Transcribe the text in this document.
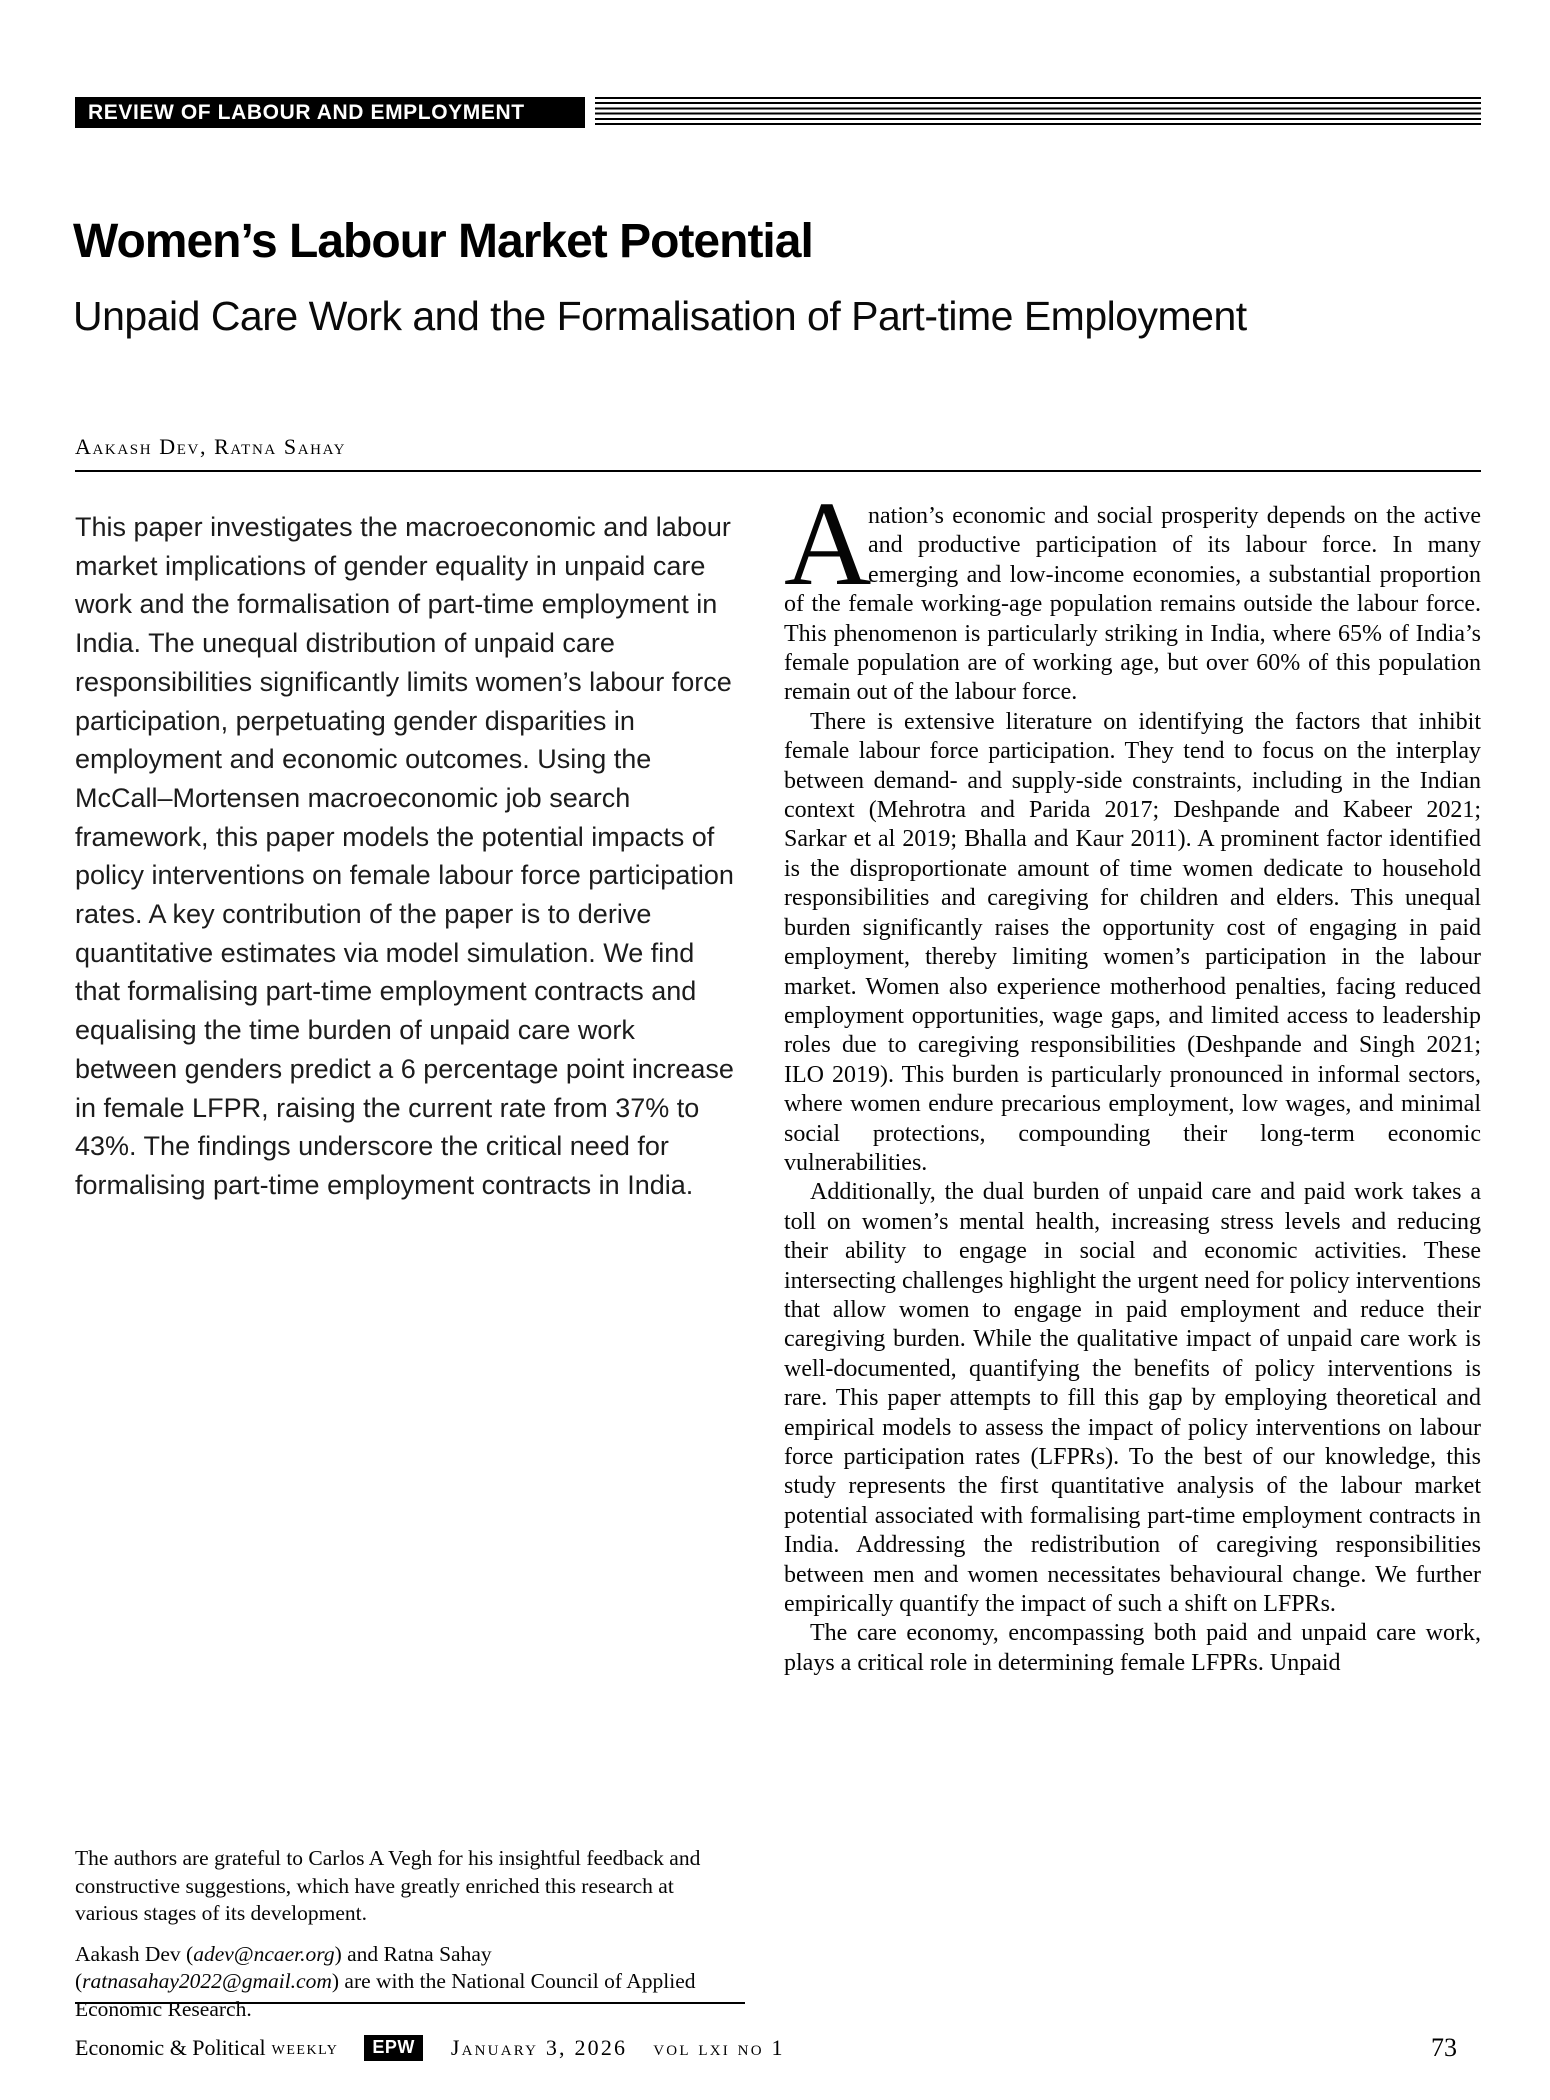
REVIEW OF LABOUR AND EMPLOYMENT
Women’s Labour Market Potential
Unpaid Care Work and the Formalisation of Part-time Employment
Aakash Dev, Ratna Sahay

This paper investigates the macroeconomic and labour market implications of gender equality in unpaid care work and the formalisation of part-time employment in India. The unequal distribution of unpaid care responsibilities significantly limits women’s labour force participation, perpetuating gender disparities in employment and economic outcomes. Using the McCall–Mortensen macroeconomic job search framework, this paper models the potential impacts of policy interventions on female labour force participation rates. A key contribution of the paper is to derive quantitative estimates via model simulation. We find that formalising part-time employment contracts and equalising the time burden of unpaid care work between genders predict a 6 percentage point increase in female LFPR, raising the current rate from 37% to 43%. The findings underscore the critical need for formalising part-time employment contracts in India.

A
nation’s economic and social prosperity depends on the active and productive participation of its labour force. In many emerging and low-income economies, a substantial proportion of the female working-age population remains outside the labour force. This phenomenon is particularly striking in India, where 65% of India’s female population are of working age, but over 60% of this population remain out of the labour force.

There is extensive literature on identifying the factors that inhibit female labour force participation. They tend to focus on the interplay between demand- and supply-side constraints, including in the Indian context (Mehrotra and Parida 2017; Deshpande and Kabeer 2021; Sarkar et al 2019; Bhalla and Kaur 2011). A prominent factor identified is the disproportionate amount of time women dedicate to household responsibilities and caregiving for children and elders. This unequal burden significantly raises the opportunity cost of engaging in paid employment, thereby limiting women’s participation in the labour market. Women also experience motherhood penalties, facing reduced employment opportunities, wage gaps, and limited access to leadership roles due to caregiving responsibilities (Deshpande and Singh 2021; ILO 2019). This burden is particularly pronounced in informal sectors, where women endure precarious employment, low wages, and minimal social protections, compounding their long-term economic vulnerabilities.

Additionally, the dual burden of unpaid care and paid work takes a toll on women’s mental health, increasing stress levels and reducing their ability to engage in social and economic activities. These intersecting challenges highlight the urgent need for policy interventions that allow women to engage in paid employment and reduce their caregiving burden. While the qualitative impact of unpaid care work is well-documented, quantifying the benefits of policy interventions is rare. This paper attempts to fill this gap by employing theoretical and empirical models to assess the impact of policy interventions on labour force participation rates (LFPRs). To the best of our knowledge, this study represents the first quantitative analysis of the labour market potential associated with formalising part-time employment contracts in India. Addressing the redistribution of caregiving responsibilities between men and women necessitates behavioural change. We further empirically quantify the impact of such a shift on LFPRs.

The care economy, encompassing both paid and unpaid care work, plays a critical role in determining female LFPRs. Unpaid

The authors are grateful to Carlos A Vegh for his insightful feedback and constructive suggestions, which have greatly enriched this research at various stages of its development.

Aakash Dev (adev@ncaer.org) and Ratna Sahay (ratnasahay2022@gmail.com) are with the National Council of Applied Economic Research.

Economic & Political weekly	EPW	January 3, 2026 vol lxi no 1	73
